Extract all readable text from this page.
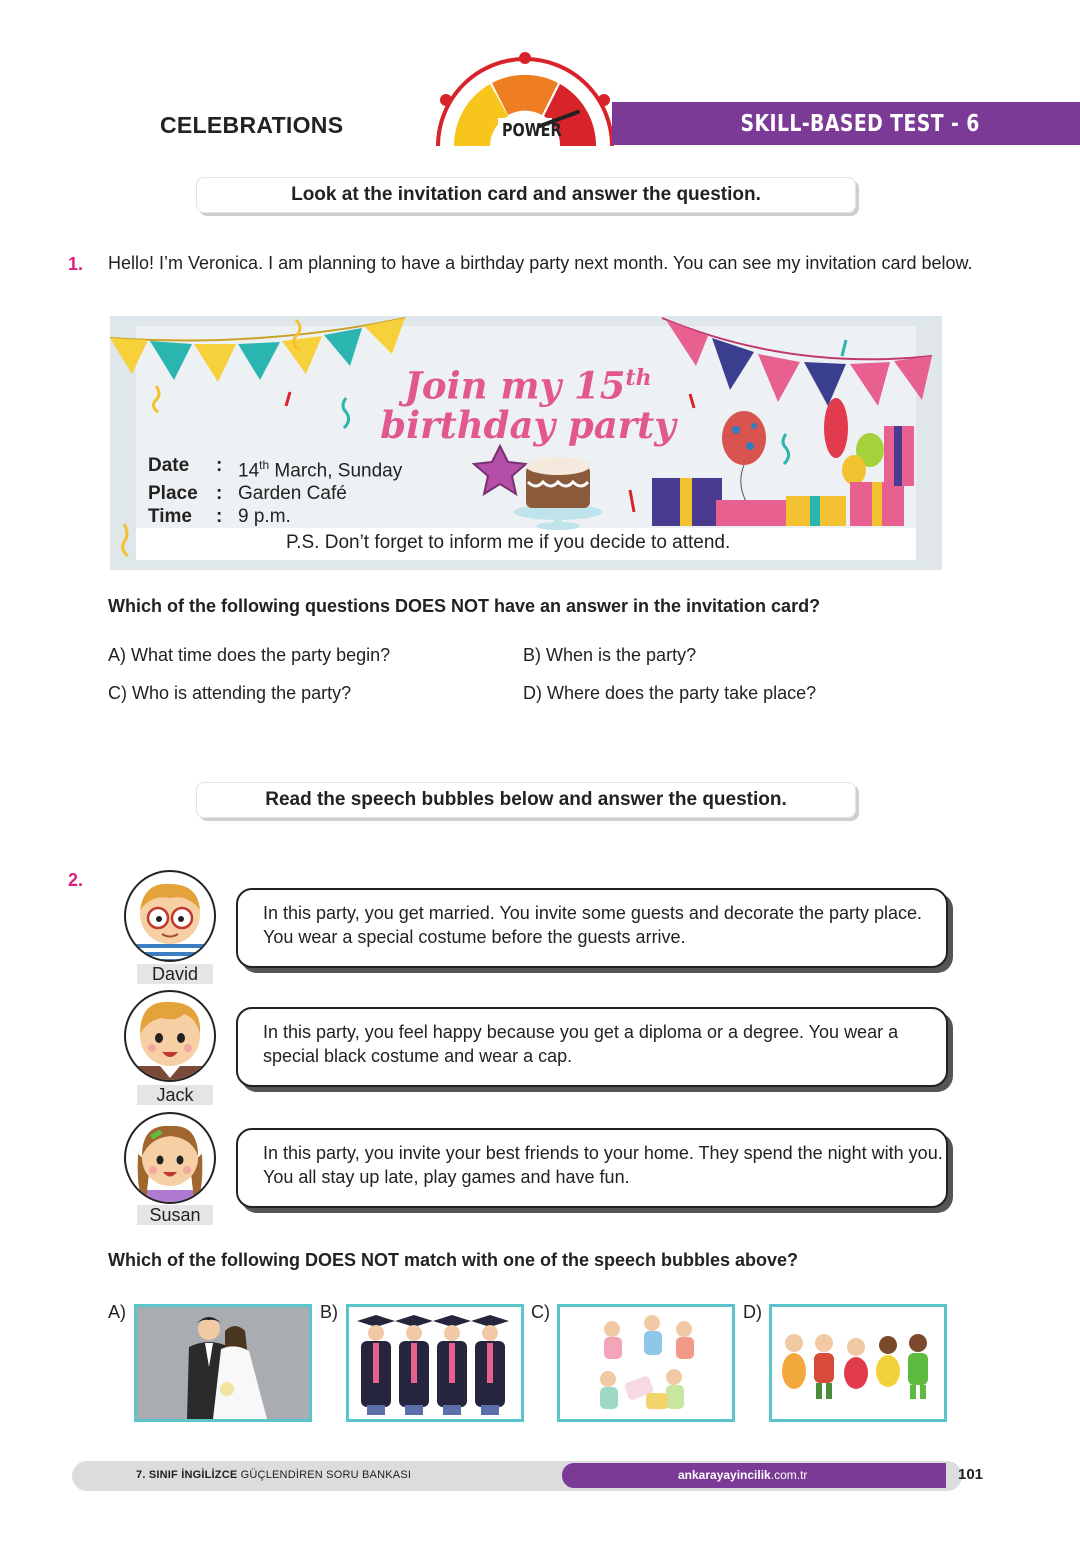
CELEBRATIONS	POWER	SKILL-BASED TEST - 6
Look at the invitation card and answer the question.
1. Hello! I’m Veronica. I am planning to have a birthday party next month. You can see my invitation card below.
Join my 15th
birthday party
Date	:	14th March, Sunday
Place	:	Garden Café
Time	:	9 p.m.
P.S. Don’t forget to inform me if you decide to attend.
Which of the following questions DOES NOT have an answer in the invitation card?
A) What time does the party begin?	B) When is the party?
C) Who is attending the party?	D) Where does the party take place?
Read the speech bubbles below and answer the question.
2.
David
In this party, you get married. You invite some guests and decorate the party place. You wear a special costume before the guests arrive.
Jack
In this party, you feel happy because you get a diploma or a degree. You wear a special black costume and wear a cap.
Susan
In this party, you invite your best friends to your home. They spend the night with you. You all stay up late, play games and have fun.
Which of the following DOES NOT match with one of the speech bubbles above?
A)	B)	C)	D)
7. SINIF İNGİLİZCE GÜÇLENDİREN SORU BANKASI	ankarayayincilik.com.tr	101
